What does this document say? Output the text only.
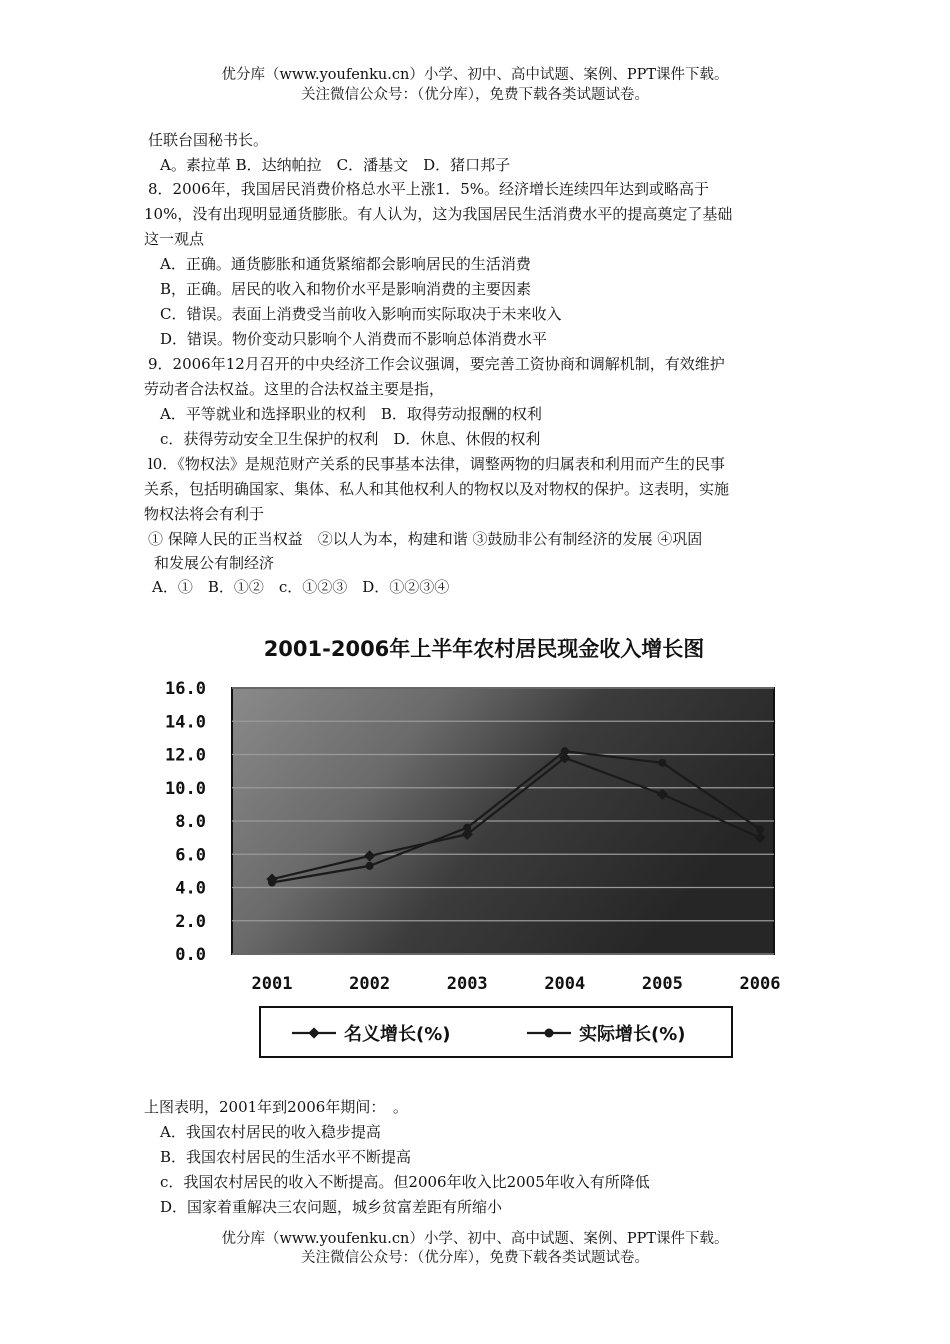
优分库（www.youfenku.cn）小学、初中、高中试题、案例、PPT课件下载。
关注微信公众号：（优分库），免费下载各类试题试卷。
任联台国秘书长。
A。素拉革 B．达纳帕拉　C．潘基文　D．猪口邦子
8．2006年，我国居民消费价格总水平上涨1．5%。经济增长连续四年达到或略高于
10%，没有出现明显通货膨胀。有人认为，这为我国居民生活消费水平的提高奠定了基础
这一观点
A．正确。通货膨胀和通货紧缩都会影响居民的生活消费
B，正确。居民的收入和物价水平是影响消费的主要因素
C．错误。表面上消费受当前收入影响而实际取决于未来收入
D．错误。物价变动只影响个人消费而不影响总体消费水平
9．2006年12月召开的中央经济工作会议强调，要完善工资协商和调解机制，有效维护
劳动者合法权益。这里的合法权益主要是指，
A．平等就业和选择职业的权利　B．取得劳动报酬的权利
c．获得劳动安全卫生保护的权利　D．休息、休假的权利
l0．《物权法》是规范财产关系的民事基本法律，调整两物的归属表和利用而产生的民事
关系，包括明确国家、集体、私人和其他权利人的物权以及对物权的保护。这表明，实施
物权法将会有利于
① 保障人民的正当权益　②以人为本，构建和谐 ③鼓励非公有制经济的发展 ④巩固
和发展公有制经济
A．①　B．①②　c．①②③　D．①②③④
2001-2006年上半年农村居民现金收入增长图
16.0
14.0
12.0
10.0
8.0
6.0
4.0
2.0
0.0
2001	2002	2003	2004	2005	2006
名义增长(%)	实际增长(%)
上图表明，2001年到2006年期间：　。
A．我国农村居民的收入稳步提高
B．我国农村居民的生活水平不断提高
c．我国农村居民的收入不断提高。但2006年收入比2005年收入有所降低
D．国家着重解决三农问题，城乡贫富差距有所缩小
优分库（www.youfenku.cn）小学、初中、高中试题、案例、PPT课件下载。
关注微信公众号：（优分库），免费下载各类试题试卷。
